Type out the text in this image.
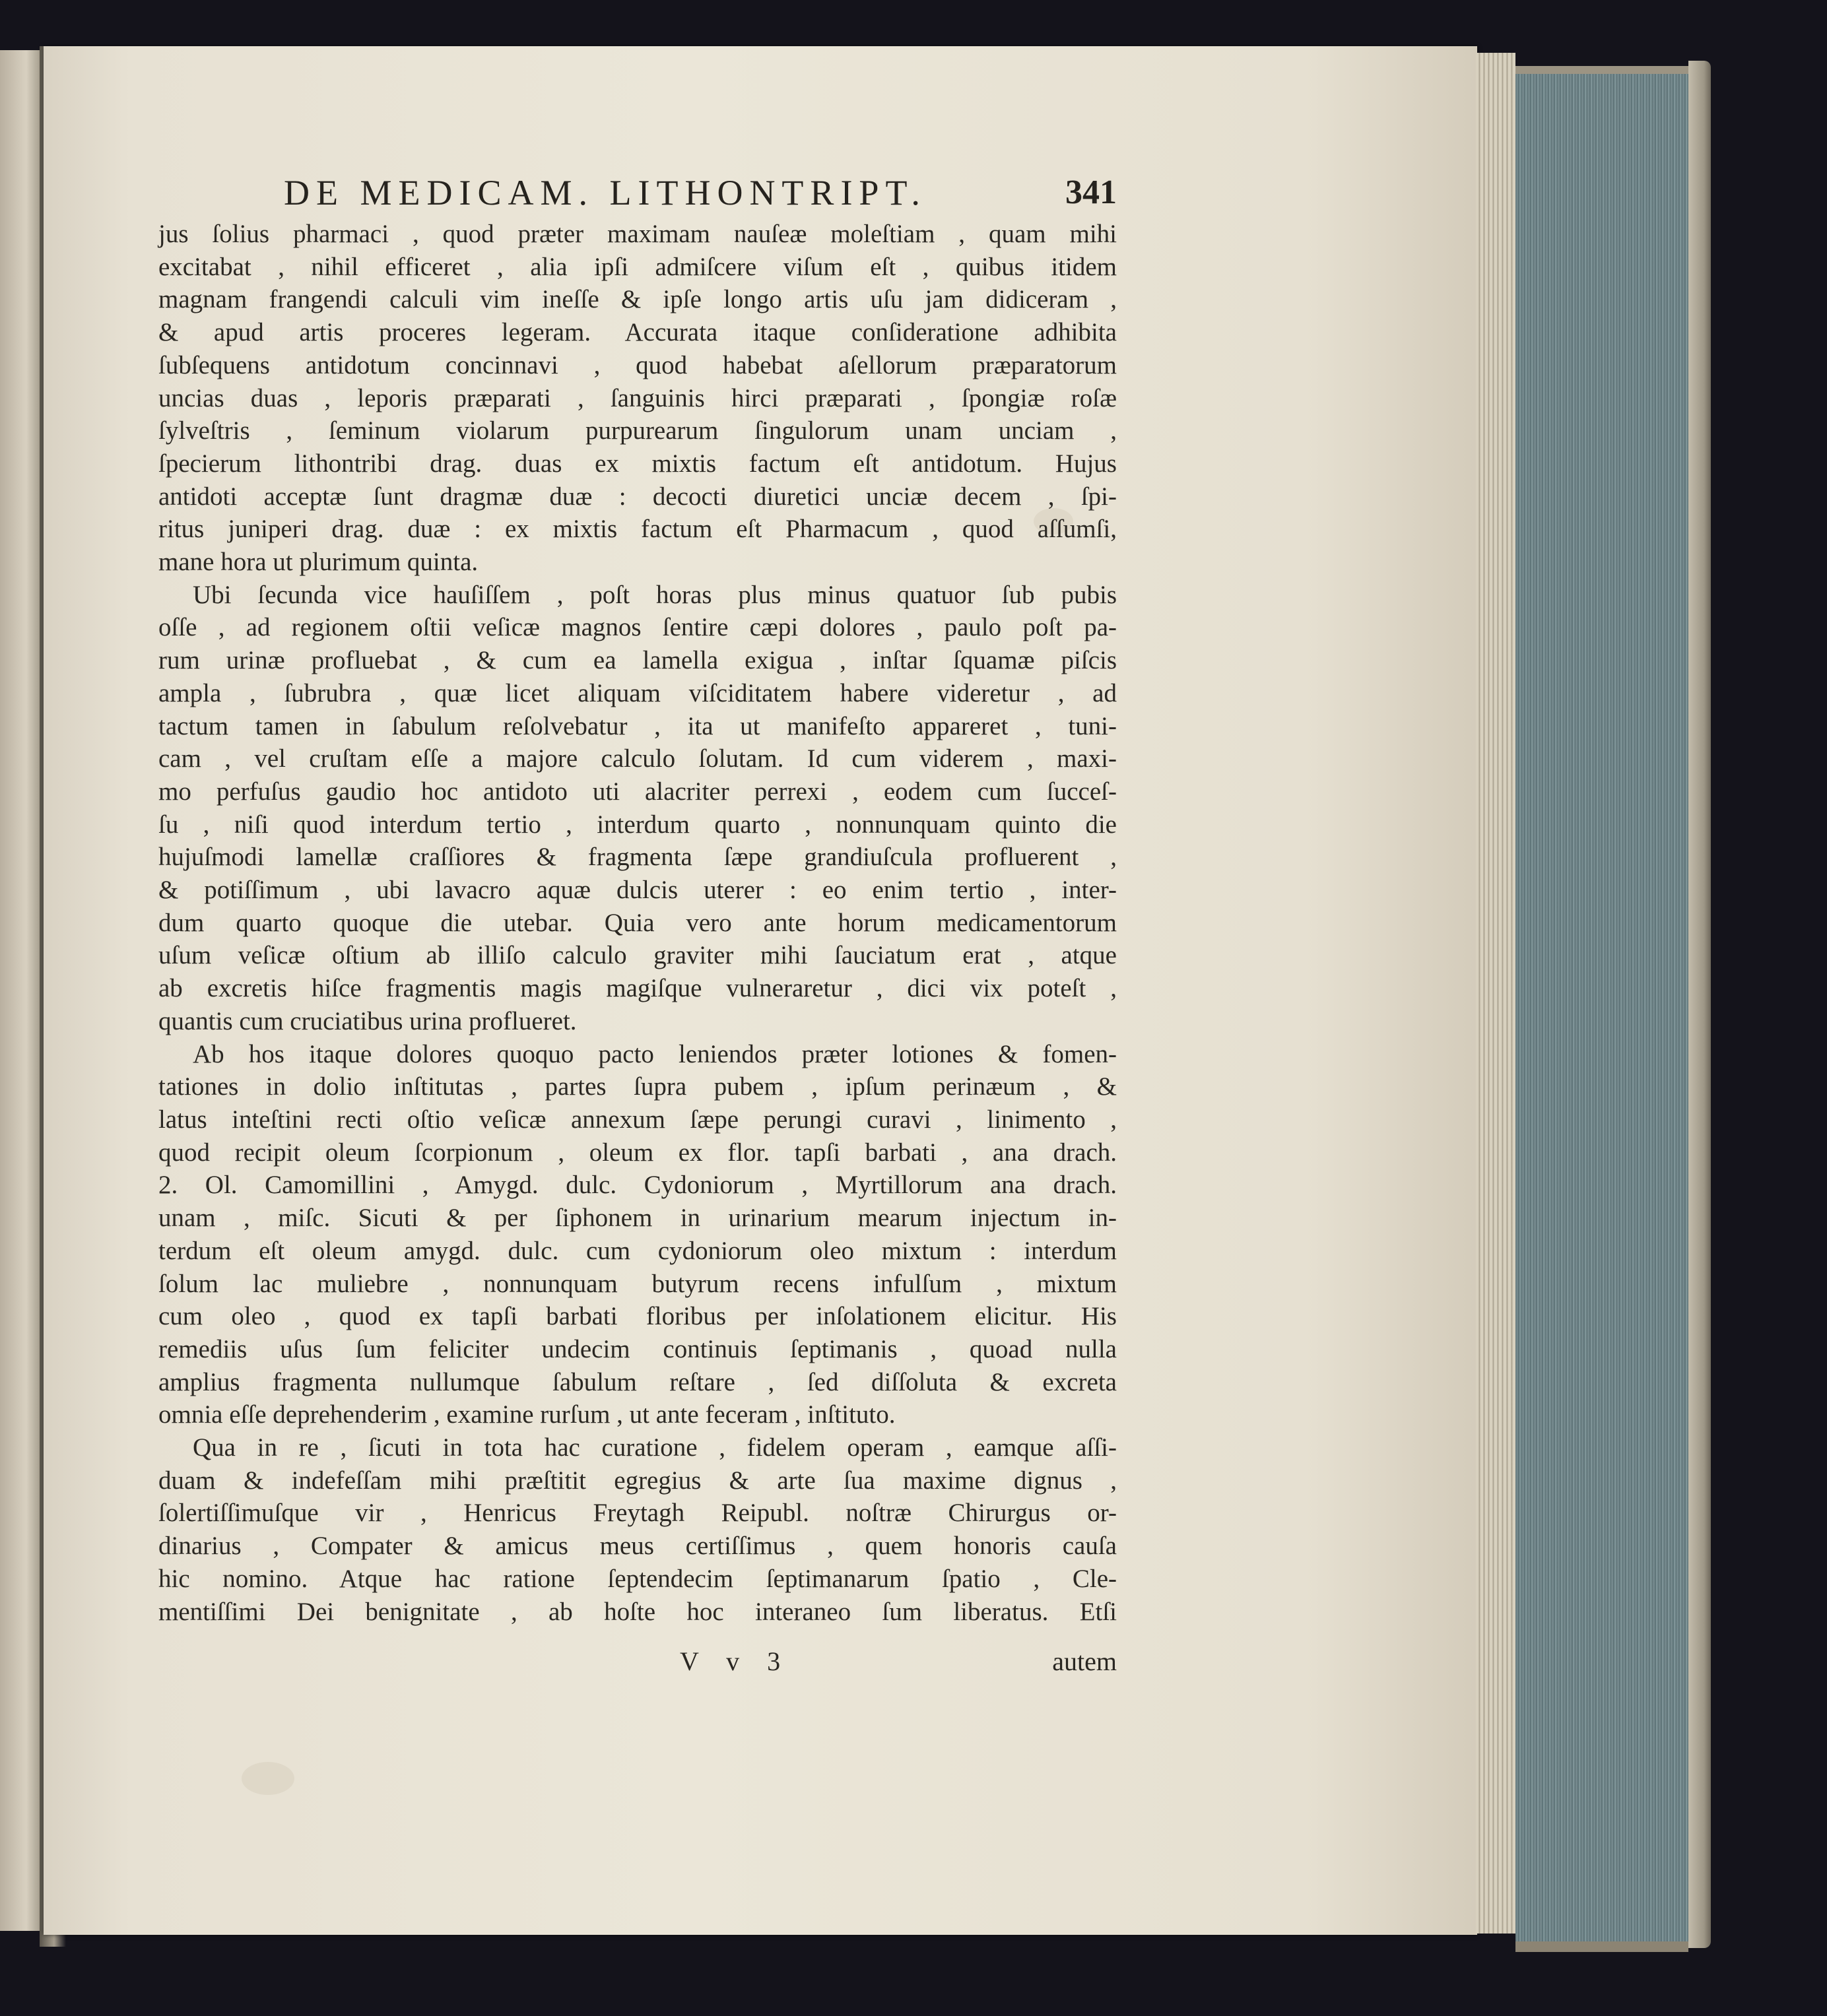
DE MEDICAM. LITHONTRIPT.	341
jus ſolius pharmaci , quod præter maximam nauſeæ moleſtiam , quam mihi
excitabat , nihil efficeret , alia ipſi admiſcere viſum eſt , quibus itidem
magnam frangendi calculi vim ineſſe & ipſe longo artis uſu jam didiceram ,
& apud artis proceres legeram. Accurata itaque conſideratione adhibita
ſubſequens antidotum concinnavi , quod habebat aſellorum præparatorum
uncias duas , leporis præparati , ſanguinis hirci præparati , ſpongiæ roſæ
ſylveſtris , ſeminum violarum purpurearum ſingulorum unam unciam ,
ſpecierum lithontribi drag. duas ex mixtis factum eſt antidotum. Hujus
antidoti acceptæ ſunt dragmæ duæ : decocti diuretici unciæ decem , ſpi-
ritus juniperi drag. duæ : ex mixtis factum eſt Pharmacum , quod aſſumſi,
mane hora ut plurimum quinta.
Ubi ſecunda vice hauſiſſem , poſt horas plus minus quatuor ſub pubis
oſſe , ad regionem oſtii veſicæ magnos ſentire cæpi dolores , paulo poſt pa-
rum urinæ profluebat , & cum ea lamella exigua , inſtar ſquamæ piſcis
ampla , ſubrubra , quæ licet aliquam viſciditatem habere videretur , ad
tactum tamen in ſabulum reſolvebatur , ita ut manifeſto appareret , tuni-
cam , vel cruſtam eſſe a majore calculo ſolutam. Id cum viderem , maxi-
mo perfuſus gaudio hoc antidoto uti alacriter perrexi , eodem cum ſucceſ-
ſu , niſi quod interdum tertio , interdum quarto , nonnunquam quinto die
hujuſmodi lamellæ craſſiores & fragmenta ſæpe grandiuſcula profluerent ,
& potiſſimum , ubi lavacro aquæ dulcis uterer : eo enim tertio , inter-
dum quarto quoque die utebar. Quia vero ante horum medicamentorum
uſum veſicæ oſtium ab illiſo calculo graviter mihi ſauciatum erat , atque
ab excretis hiſce fragmentis magis magiſque vulneraretur , dici vix poteſt ,
quantis cum cruciatibus urina proflueret.
Ab hos itaque dolores quoquo pacto leniendos præter lotiones & fomen-
tationes in dolio inſtitutas , partes ſupra pubem , ipſum perinæum , &
latus inteſtini recti oſtio veſicæ annexum ſæpe perungi curavi , linimento ,
quod recipit oleum ſcorpionum , oleum ex flor. tapſi barbati , ana drach.
2. Ol. Camomillini , Amygd. dulc. Cydoniorum , Myrtillorum ana drach.
unam , miſc. Sicuti & per ſiphonem in urinarium mearum injectum in-
terdum eſt oleum amygd. dulc. cum cydoniorum oleo mixtum : interdum
ſolum lac muliebre , nonnunquam butyrum recens infulſum , mixtum
cum oleo , quod ex tapſi barbati floribus per inſolationem elicitur. His
remediis uſus ſum feliciter undecim continuis ſeptimanis , quoad nulla
amplius fragmenta nullumque ſabulum reſtare , ſed diſſoluta & excreta
omnia eſſe deprehenderim , examine rurſum , ut ante feceram , inſtituto.
Qua in re , ſicuti in tota hac curatione , fidelem operam , eamque aſſi-
duam & indefeſſam mihi præſtitit egregius & arte ſua maxime dignus ,
ſolertiſſimuſque vir , Henricus Freytagh Reipubl. noſtræ Chirurgus or-
dinarius , Compater & amicus meus certiſſimus , quem honoris cauſa
hic nomino. Atque hac ratione ſeptendecim ſeptimanarum ſpatio , Cle-
mentiſſimi Dei benignitate , ab hoſte hoc interaneo ſum liberatus. Etſi
V v 3	autem
